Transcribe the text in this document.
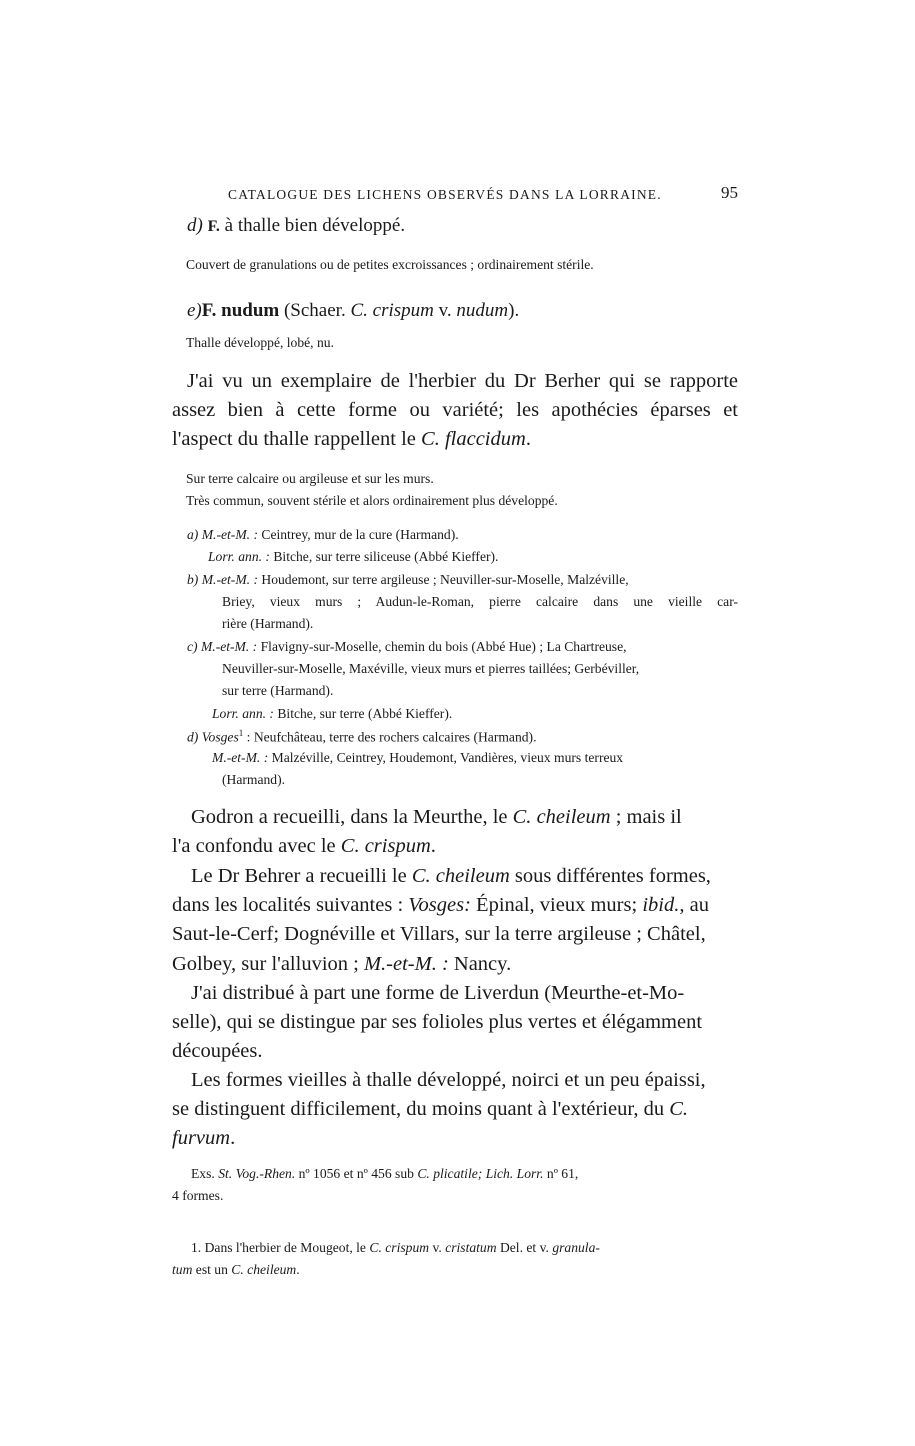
CATALOGUE DES LICHENS OBSERVÉS DANS LA LORRAINE.	95
d) F. à thalle bien développé.
Couvert de granulations ou de petites excroissances ; ordinairement stérile.
e)F. nudum (Schaer. C. crispum v. nudum).
Thalle développé, lobé, nu.
J'ai vu un exemplaire de l'herbier du Dr Berher qui se rapporte
assez bien à cette forme ou variété; les apothécies éparses et
l'aspect du thalle rappellent le C. flaccidum.
Sur terre calcaire ou argileuse et sur les murs.
Très commun, souvent stérile et alors ordinairement plus développé.
a) M.-et-M. : Ceintrey, mur de la cure (Harmand).
Lorr. ann. : Bitche, sur terre siliceuse (Abbé Kieffer).
b) M.-et-M. : Houdemont, sur terre argileuse ; Neuviller-sur-Moselle, Malzéville,
Briey, vieux murs ; Audun-le-Roman, pierre calcaire dans une vieille car-
rière (Harmand).
c) M.-et-M. : Flavigny-sur-Moselle, chemin du bois (Abbé Hue) ; La Chartreuse,
Neuviller-sur-Moselle, Maxéville, vieux murs et pierres taillées; Gerbéviller,
sur terre (Harmand).
Lorr. ann. : Bitche, sur terre (Abbé Kieffer).
d) Vosges$^1$ : Neufchâteau, terre des rochers calcaires (Harmand).
M.-et-M. : Malzéville, Ceintrey, Houdemont, Vandières, vieux murs terreux
(Harmand).
Godron a recueilli, dans la Meurthe, le C. cheileum ; mais il
l'a confondu avec le C. crispum.
Le Dr Behrer a recueilli le C. cheileum sous différentes formes,
dans les localités suivantes : Vosges: Épinal, vieux murs; ibid., au
Saut-le-Cerf; Dognéville et Villars, sur la terre argileuse ; Châtel,
Golbey, sur l'alluvion ; M.-et-M. : Nancy.
J'ai distribué à part une forme de Liverdun (Meurthe-et-Mo-
selle), qui se distingue par ses folioles plus vertes et élégamment
découpées.
Les formes vieilles à thalle développé, noirci et un peu épaissi,
se distinguent difficilement, du moins quant à l'extérieur, du C.
furvum.
Exs. St. Vog.-Rhen. nº 1056 et nº 456 sub C. plicatile; Lich. Lorr. nº 61,
4 formes.
1. Dans l'herbier de Mougeot, le C. crispum v. cristatum Del. et v. granula-
tum est un C. cheileum.
